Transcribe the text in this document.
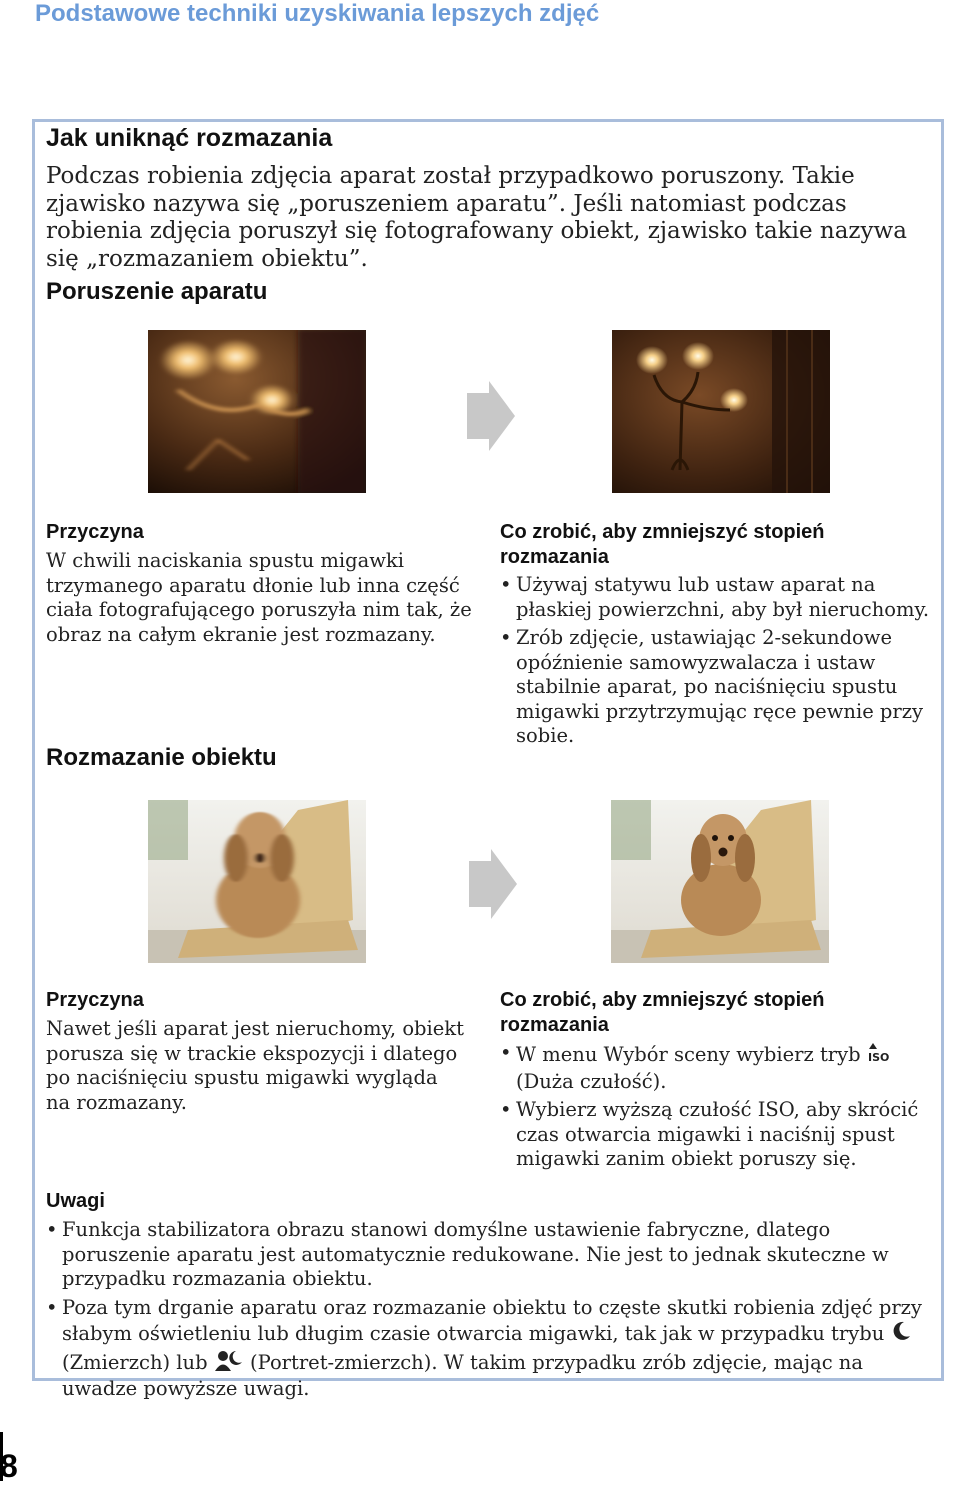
Podstawowe techniki uzyskiwania lepszych zdjęć
Jak uniknąć rozmazania
Podczas robienia zdjęcia aparat został przypadkowo poruszony. Takie zjawisko nazywa się „poruszeniem aparatu”. Jeśli natomiast podczas robienia zdjęcia poruszył się fotografowany obiekt, zjawisko takie nazywa się „rozmazaniem obiektu”.
Poruszenie aparatu
Przyczyna
W chwili naciskania spustu migawki trzymanego aparatu dłonie lub inna część ciała fotografującego poruszyła nim tak, że obraz na całym ekranie jest rozmazany.
Co zrobić, aby zmniejszyć stopień rozmazania
• Używaj statywu lub ustaw aparat na płaskiej powierzchni, aby był nieruchomy.
• Zrób zdjęcie, ustawiając 2-sekundowe opóźnienie samowyzwalacza i ustaw stabilnie aparat, po naciśnięciu spustu migawki przytrzymując ręce pewnie przy sobie.
Rozmazanie obiektu
Przyczyna
Nawet jeśli aparat jest nieruchomy, obiekt porusza się w trackie ekspozycji i dlatego po naciśnięciu spustu migawki wygląda na rozmazany.
Co zrobić, aby zmniejszyć stopień rozmazania
• W menu Wybór sceny wybierz tryb ISO
(Duża czułość).
• Wybierz wyższą czułość ISO, aby skrócić czas otwarcia migawki i naciśnij spust migawki zanim obiekt poruszy się.
Uwagi
• Funkcja stabilizatora obrazu stanowi domyślne ustawienie fabryczne, dlatego poruszenie aparatu jest automatycznie redukowane. Nie jest to jednak skuteczne w przypadku rozmazania obiektu.
• Poza tym drganie aparatu oraz rozmazanie obiektu to częste skutki robienia zdjęć przy słabym oświetleniu lub długim czasie otwarcia migawki, tak jak w przypadku trybu (Zmierzch) lub (Portret-zmierzch). W takim przypadku zrób zdjęcie, mając na uwadze powyższe uwagi.
8
